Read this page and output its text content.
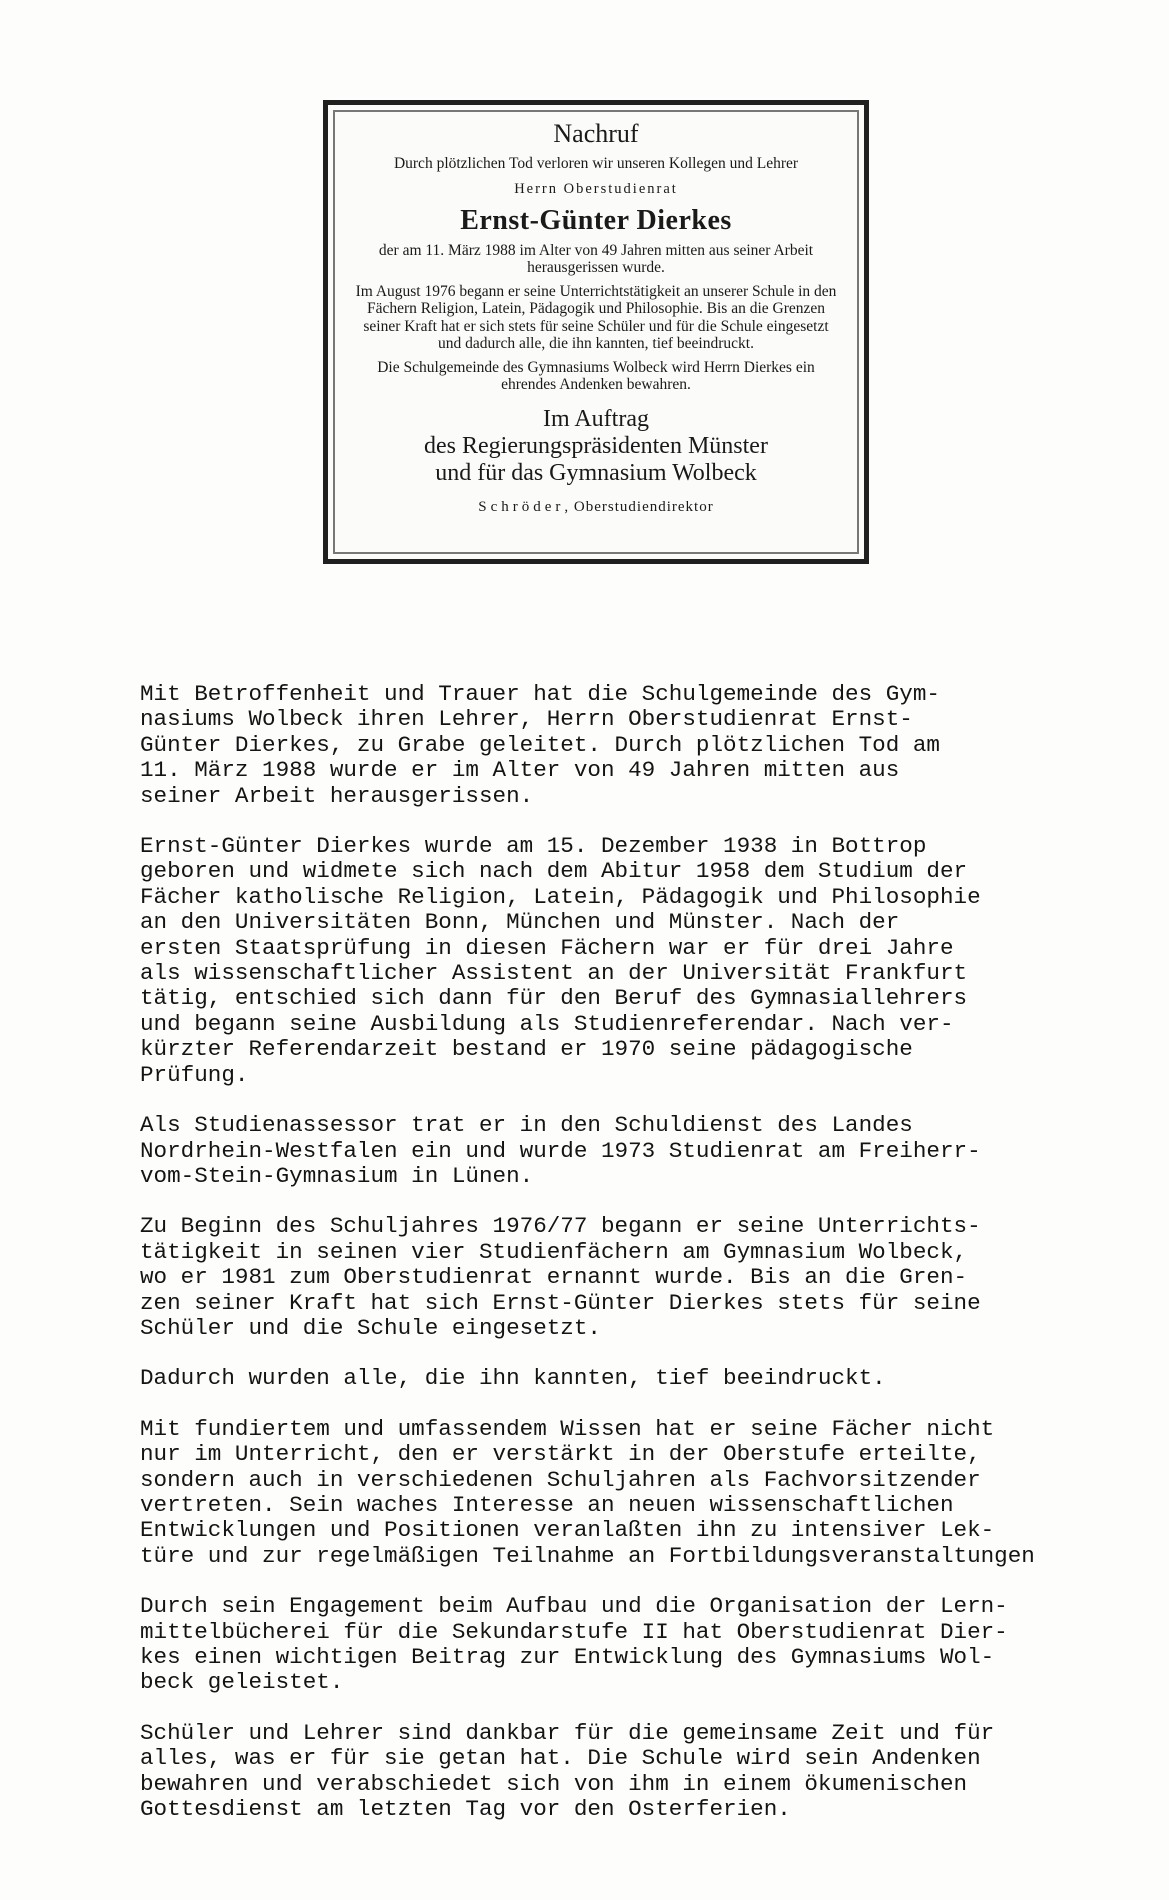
Nachruf
Durch plötzlichen Tod verloren wir unseren Kollegen und Lehrer
Herrn Oberstudienrat
Ernst-Günter Dierkes
der am 11. März 1988 im Alter von 49 Jahren mitten aus seiner Arbeit herausgerissen wurde.
Im August 1976 begann er seine Unterrichtstätigkeit an unserer Schule in den Fächern Religion, Latein, Pädagogik und Philosophie. Bis an die Grenzen seiner Kraft hat er sich stets für seine Schüler und für die Schule eingesetzt und dadurch alle, die ihn kannten, tief beeindruckt.
Die Schulgemeinde des Gymnasiums Wolbeck wird Herrn Dierkes ein ehrendes Andenken bewahren.
Im Auftrag
des Regierungspräsidenten Münster
und für das Gymnasium Wolbeck
Schröder, Oberstudiendirektor

Mit Betroffenheit und Trauer hat die Schulgemeinde des Gym-
nasiums Wolbeck ihren Lehrer, Herrn Oberstudienrat Ernst-
Günter Dierkes, zu Grabe geleitet. Durch plötzlichen Tod am
11. März 1988 wurde er im Alter von 49 Jahren mitten aus
seiner Arbeit herausgerissen.

Ernst-Günter Dierkes wurde am 15. Dezember 1938 in Bottrop
geboren und widmete sich nach dem Abitur 1958 dem Studium der
Fächer katholische Religion, Latein, Pädagogik und Philosophie
an den Universitäten Bonn, München und Münster. Nach der
ersten Staatsprüfung in diesen Fächern war er für drei Jahre
als wissenschaftlicher Assistent an der Universität Frankfurt
tätig, entschied sich dann für den Beruf des Gymnasiallehrers
und begann seine Ausbildung als Studienreferendar. Nach ver-
kürzter Referendarzeit bestand er 1970 seine pädagogische
Prüfung.

Als Studienassessor trat er in den Schuldienst des Landes
Nordrhein-Westfalen ein und wurde 1973 Studienrat am Freiherr-
vom-Stein-Gymnasium in Lünen.

Zu Beginn des Schuljahres 1976/77 begann er seine Unterrichts-
tätigkeit in seinen vier Studienfächern am Gymnasium Wolbeck,
wo er 1981 zum Oberstudienrat ernannt wurde. Bis an die Gren-
zen seiner Kraft hat sich Ernst-Günter Dierkes stets für seine
Schüler und die Schule eingesetzt.

Dadurch wurden alle, die ihn kannten, tief beeindruckt.

Mit fundiertem und umfassendem Wissen hat er seine Fächer nicht
nur im Unterricht, den er verstärkt in der Oberstufe erteilte,
sondern auch in verschiedenen Schuljahren als Fachvorsitzender
vertreten. Sein waches Interesse an neuen wissenschaftlichen
Entwicklungen und Positionen veranlaßten ihn zu intensiver Lek-
türe und zur regelmäßigen Teilnahme an Fortbildungsveranstaltungen

Durch sein Engagement beim Aufbau und die Organisation der Lern-
mittelbücherei für die Sekundarstufe II hat Oberstudienrat Dier-
kes einen wichtigen Beitrag zur Entwicklung des Gymnasiums Wol-
beck geleistet.

Schüler und Lehrer sind dankbar für die gemeinsame Zeit und für
alles, was er für sie getan hat. Die Schule wird sein Andenken
bewahren und verabschiedet sich von ihm in einem ökumenischen
Gottesdienst am letzten Tag vor den Osterferien.
